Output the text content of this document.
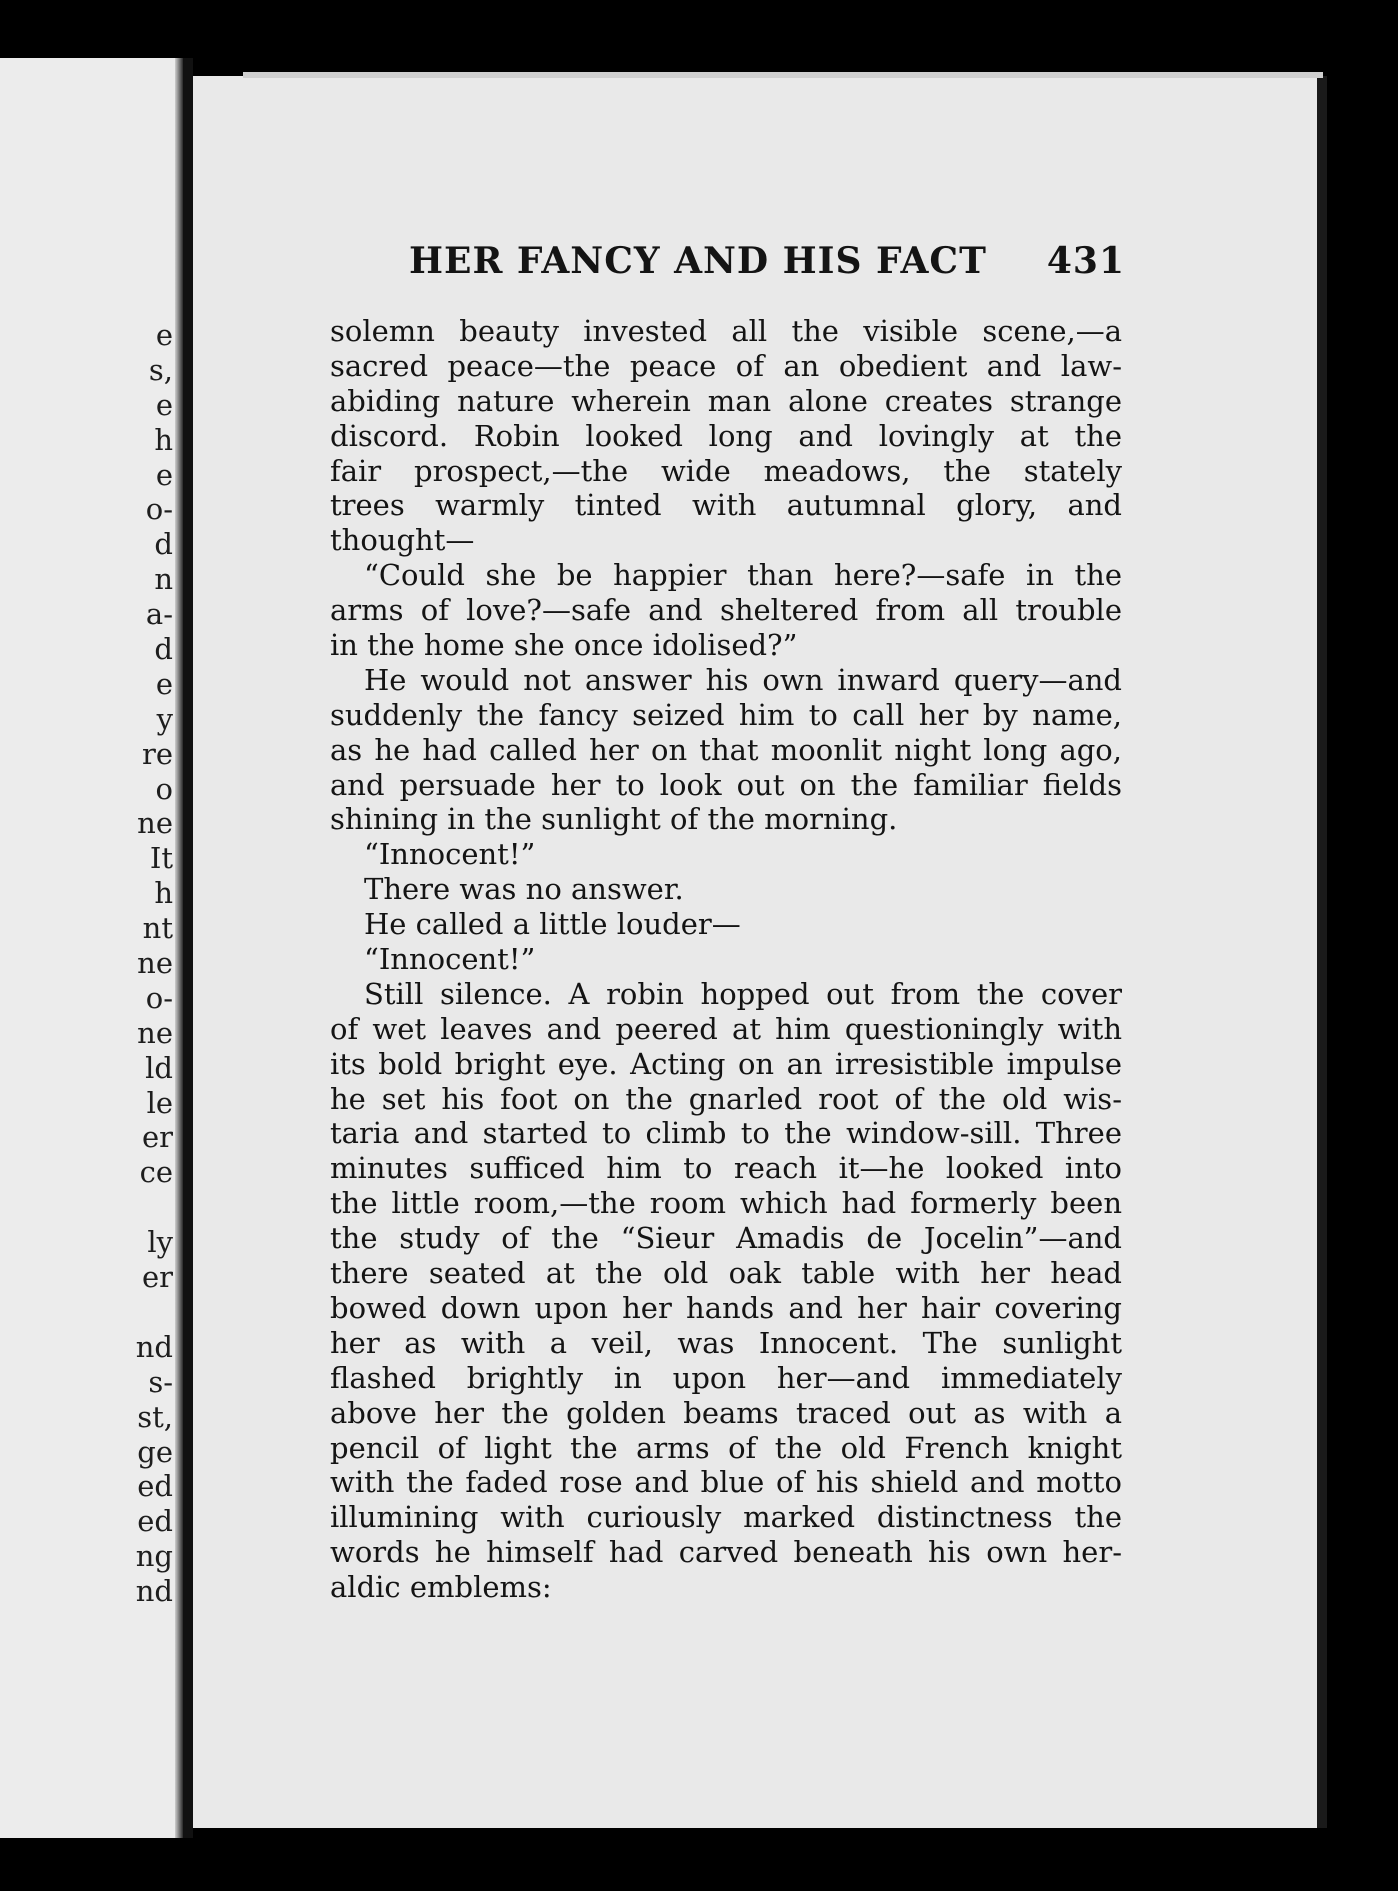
e
s,
e
h
e
o-
d
n
a-
d
e
y
re
o
ne
It
h
nt
ne
o-
ne
ld
le
er
ce
ly
er
nd
s-
st,
ge
ed
ed
ng
nd
HER FANCY AND HIS FACT 431
solemn beauty invested all the visible scene,—a
sacred peace—the peace of an obedient and law-
abiding nature wherein man alone creates strange
discord. Robin looked long and lovingly at the
fair prospect,—the wide meadows, the stately
trees warmly tinted with autumnal glory, and
thought—
“Could she be happier than here?—safe in the
arms of love?—safe and sheltered from all trouble
in the home she once idolised?”
He would not answer his own inward query—and
suddenly the fancy seized him to call her by name,
as he had called her on that moonlit night long ago,
and persuade her to look out on the familiar fields
shining in the sunlight of the morning.
“Innocent!”
There was no answer.
He called a little louder—
“Innocent!”
Still silence. A robin hopped out from the cover
of wet leaves and peered at him questioningly with
its bold bright eye. Acting on an irresistible impulse
he set his foot on the gnarled root of the old wis-
taria and started to climb to the window-sill. Three
minutes sufficed him to reach it—he looked into
the little room,—the room which had formerly been
the study of the “Sieur Amadis de Jocelin”—and
there seated at the old oak table with her head
bowed down upon her hands and her hair covering
her as with a veil, was Innocent. The sunlight
flashed brightly in upon her—and immediately
above her the golden beams traced out as with a
pencil of light the arms of the old French knight
with the faded rose and blue of his shield and motto
illumining with curiously marked distinctness the
words he himself had carved beneath his own her-
aldic emblems:
